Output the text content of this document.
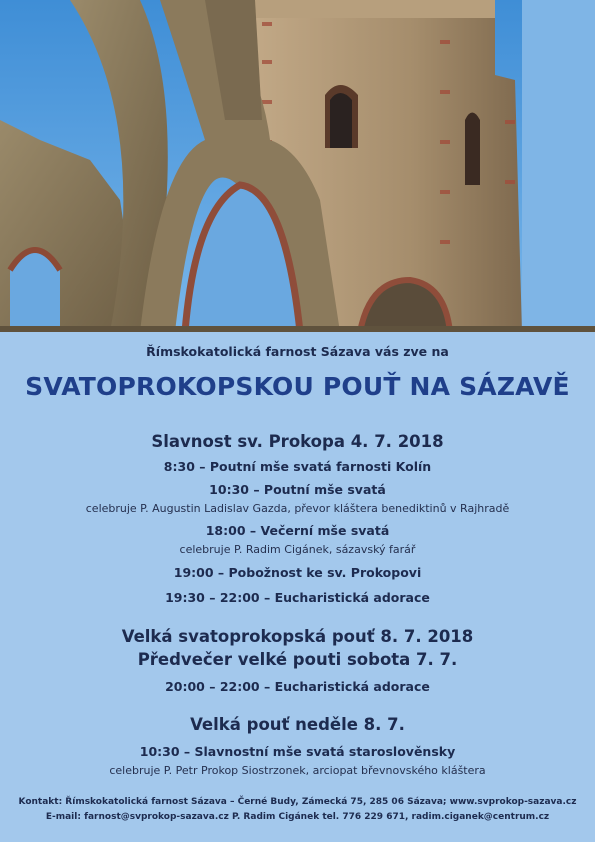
Římskokatolická farnost Sázava vás zve na
SVATOPROKOPSKOU POUŤ NA SÁZAVĚ
Slavnost sv. Prokopa 4. 7. 2018
8:30 – Poutní mše svatá farnosti Kolín
10:30 – Poutní mše svatá
celebruje P. Augustin Ladislav Gazda, převor kláštera benediktinů v Rajhradě
18:00 – Večerní mše svatá
celebruje P. Radim Cigánek, sázavský farář
19:00 – Pobožnost ke sv. Prokopovi
19:30 – 22:00 – Eucharistická adorace
Velká svatoprokopská pouť 8. 7. 2018
Předvečer velké pouti sobota 7. 7.
20:00 – 22:00 – Eucharistická adorace
Velká pouť neděle 8. 7.
10:30 – Slavnostní mše svatá staroslověnsky
celebruje P. Petr Prokop Siostrzonek, arciopat břevnovského kláštera
Kontakt: Římskokatolická farnost Sázava – Černé Budy, Zámecká 75, 285 06 Sázava; www.svprokop-sazava.cz
E-mail: farnost@svprokop-sazava.cz P. Radim Cigánek tel. 776 229 671, radim.ciganek@centrum.cz
